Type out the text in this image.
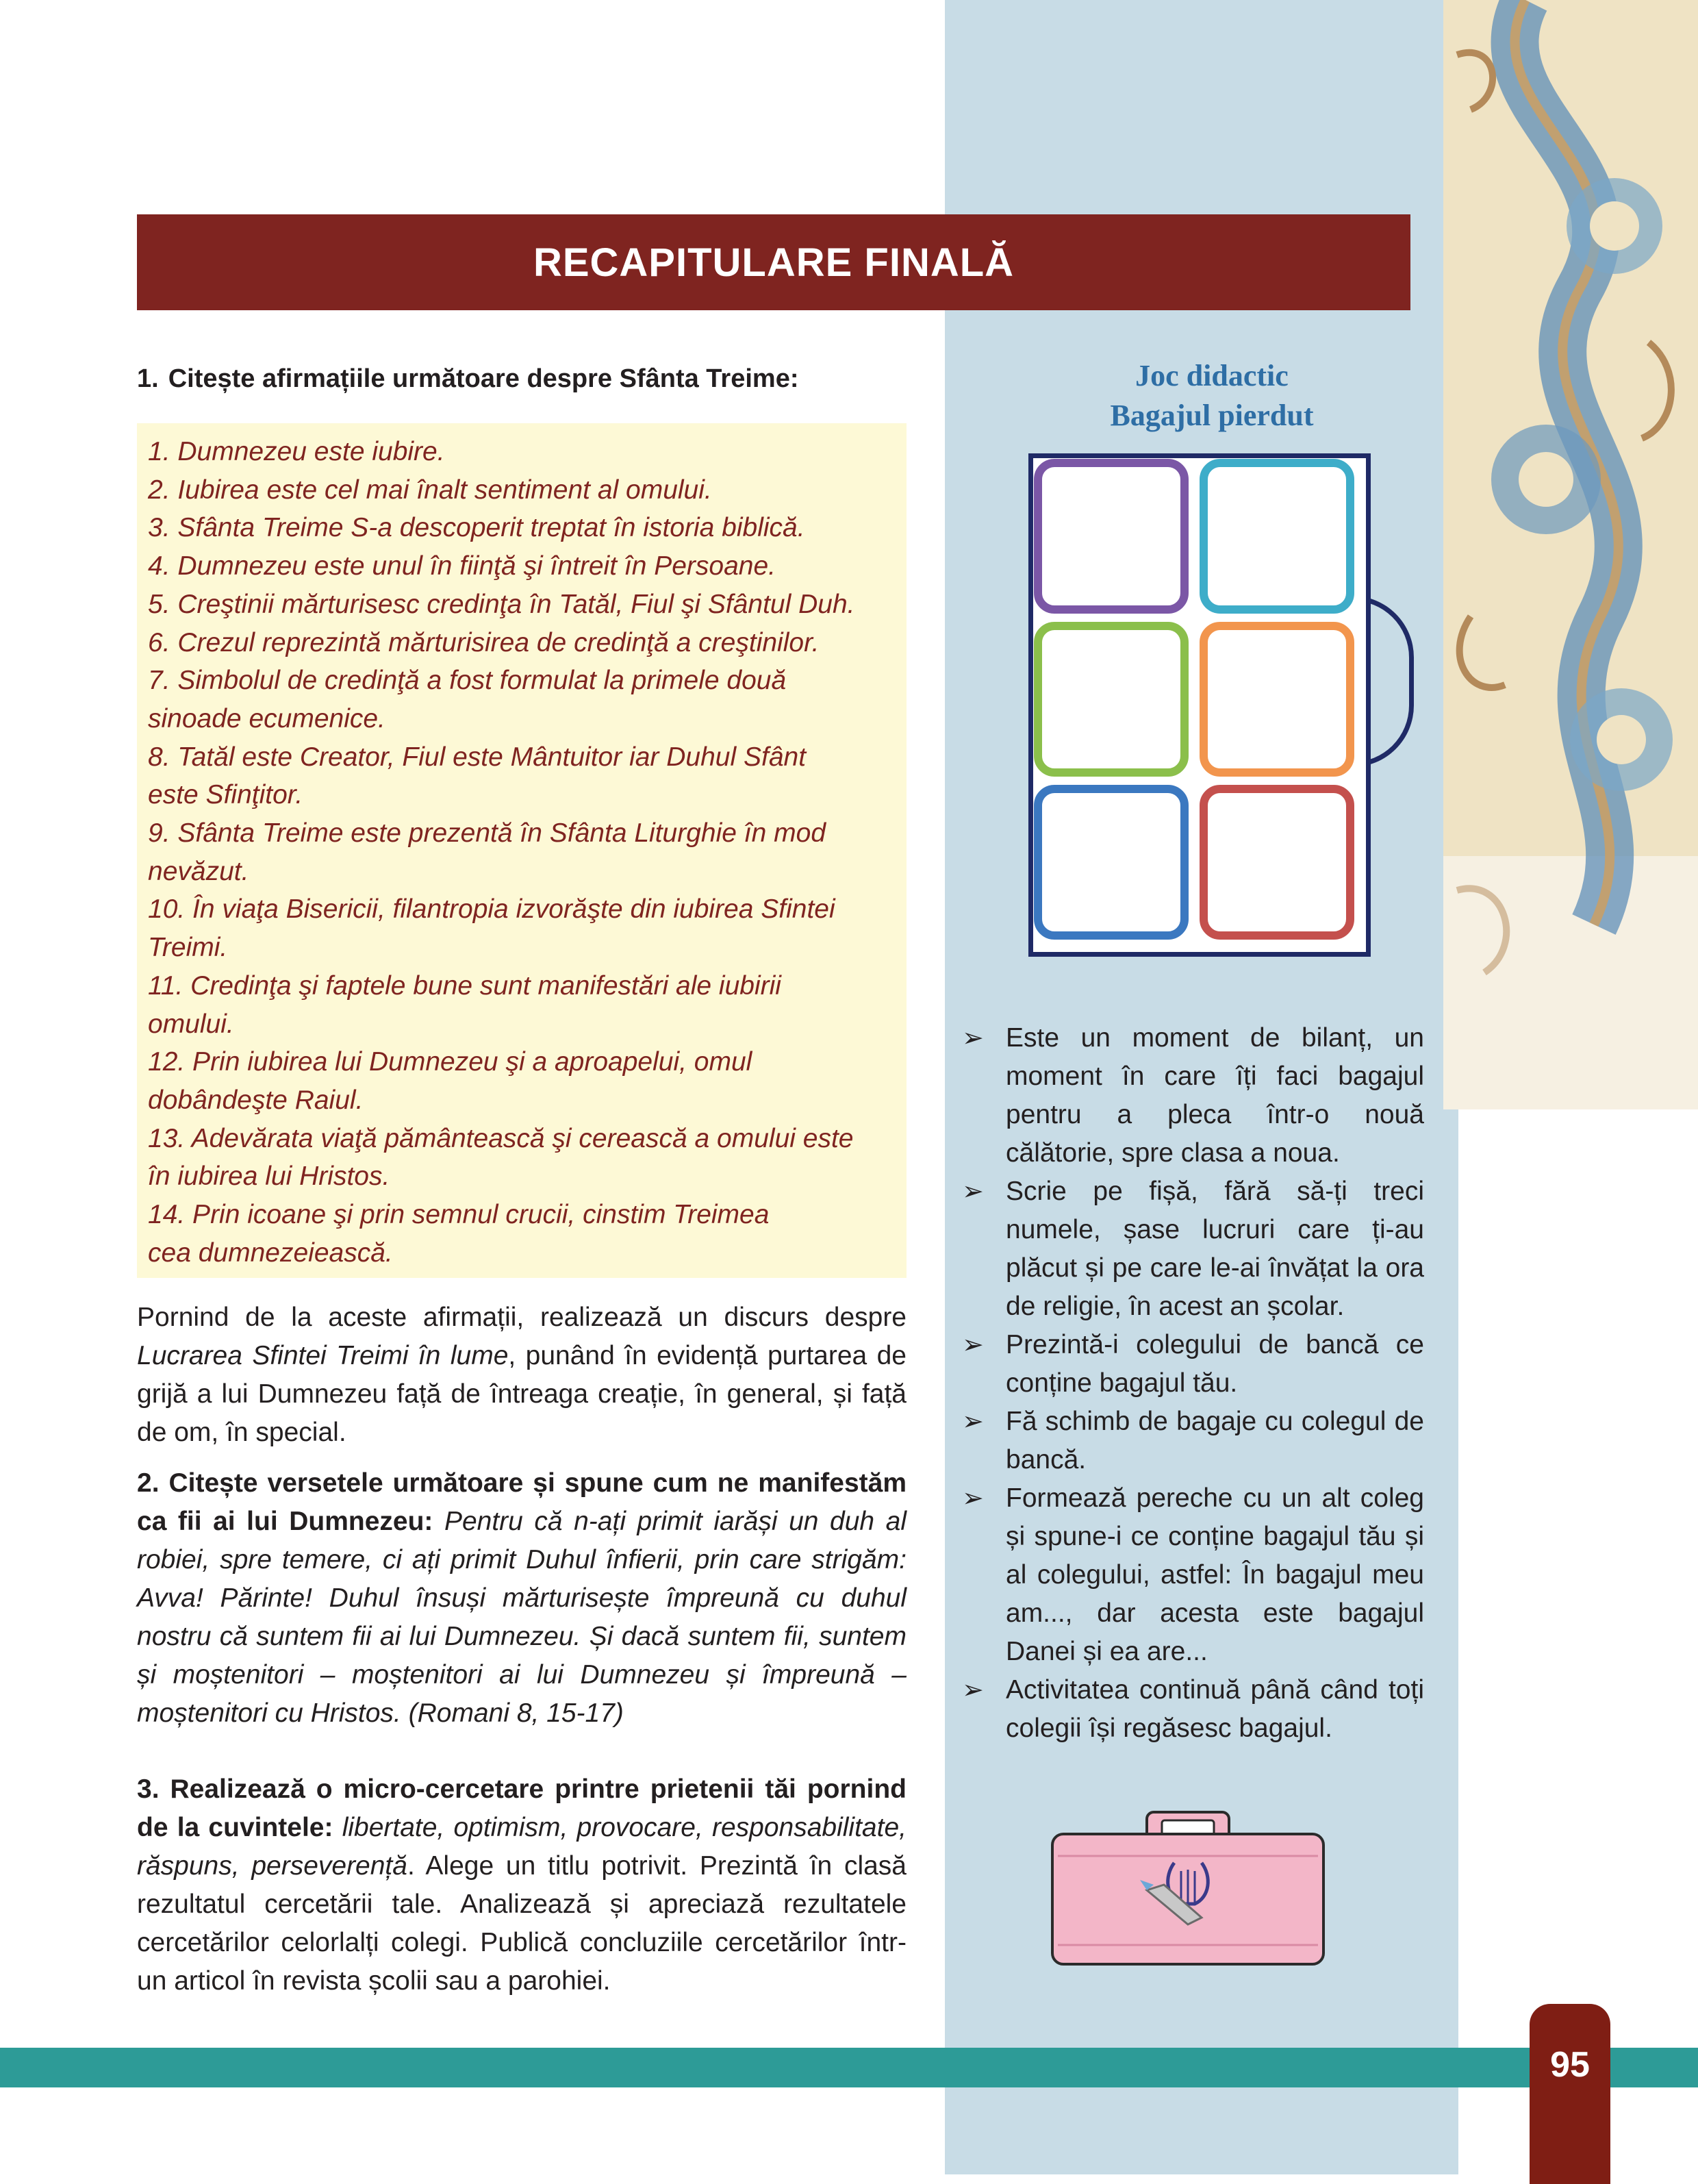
RECAPITULARE FINALĂ
1. Citește afirmațiile următoare despre Sfânta Treime:
1. Dumnezeu este iubire.
2. Iubirea este cel mai înalt sentiment al omului.
3. Sfânta Treime S-a descoperit treptat în istoria biblică.
4. Dumnezeu este unul în fiinţă şi întreit în Persoane.
5. Creştinii mărturisesc credinţa în Tatăl, Fiul şi Sfântul Duh.
6. Crezul reprezintă mărturisirea de credinţă a creştinilor.
7. Simbolul de credinţă a fost formulat la primele două
sinoade ecumenice.
8. Tatăl este Creator, Fiul este Mântuitor iar Duhul Sfânt
este Sfinţitor.
9. Sfânta Treime este prezentă în Sfânta Liturghie în mod
nevăzut.
10. În viaţa Bisericii, filantropia izvorăşte din iubirea Sfintei
Treimi.
11. Credinţa şi faptele bune sunt manifestări ale iubirii
omului.
12. Prin iubirea lui Dumnezeu şi a aproapelui, omul
dobândeşte Raiul.
13. Adevărata viaţă pământească şi cerească a omului este
în iubirea lui Hristos.
14. Prin icoane şi prin semnul crucii, cinstim Treimea
cea dumnezeiească.
Pornind de la aceste afirmații, realizează un discurs despre Lucrarea Sfintei Treimi în lume, punând în evidență purtarea de grijă a lui Dumnezeu față de întreaga creație, în general, și față de om, în special.
2. Citește versetele următoare și spune cum ne manifestăm ca fii ai lui Dumnezeu: Pentru că n-ați primit iarăși un duh al robiei, spre temere, ci ați primit Duhul înfierii, prin care strigăm: Avva! Părinte! Duhul însuși mărturisește împreună cu duhul nostru că suntem fii ai lui Dumnezeu. Și dacă suntem fii, suntem și moștenitori – moștenitori ai lui Dumnezeu și împreună – moștenitori cu Hristos. (Romani 8, 15-17)
3. Realizează o micro-cercetare printre prietenii tăi pornind de la cuvintele: libertate, optimism, provocare, responsabilitate, răspuns, perseverență. Alege un titlu potrivit. Prezintă în clasă rezultatul cercetării tale. Analizează și apreciază rezultatele cercetărilor celorlalți colegi. Publică concluziile cercetărilor într-un articol în revista școlii sau a parohiei.
Joc didactic
Bagajul pierdut
➢ Este un moment de bilanț, un moment în care îți faci bagajul pentru a pleca într-o nouă călătorie, spre clasa a noua.
➢ Scrie pe fișă, fără să-ți treci numele, șase lucruri care ți-au plăcut și pe care le-ai învățat la ora de religie, în acest an școlar.
➢ Prezintă-i colegului de bancă ce conține bagajul tău.
➢ Fă schimb de bagaje cu colegul de bancă.
➢ Formează pereche cu un alt coleg și spune-i ce conține bagajul tău și al colegului, astfel: În bagajul meu am..., dar acesta este bagajul Danei și ea are...
➢ Activitatea continuă până când toți colegii își regăsesc bagajul.
95
